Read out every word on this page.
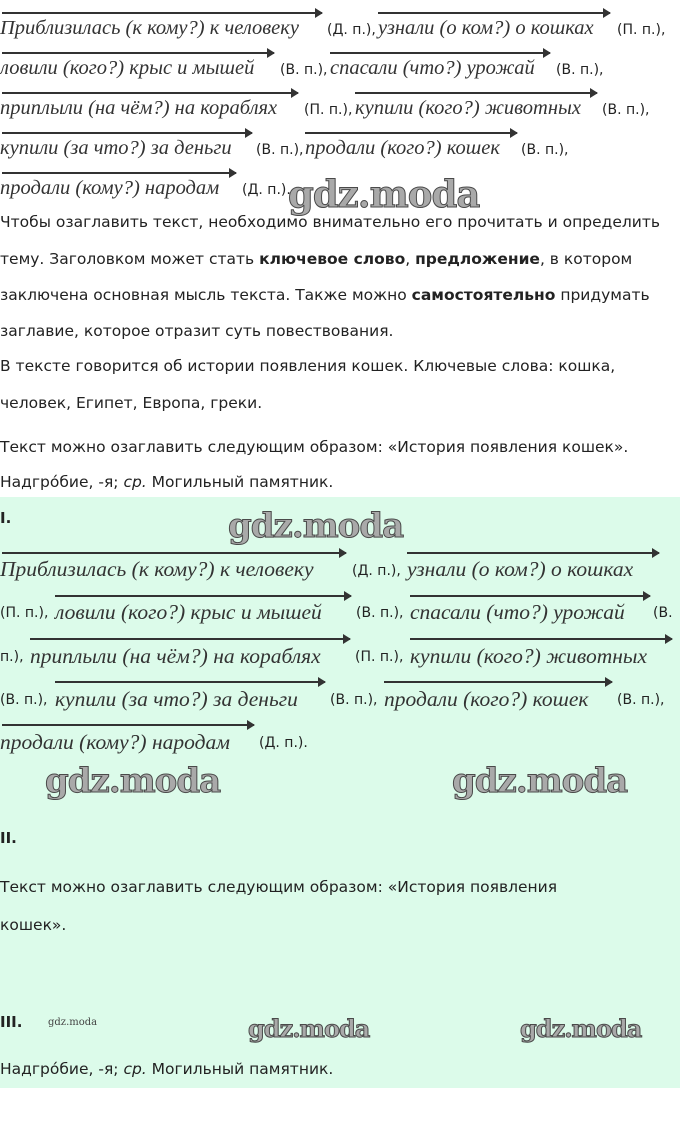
Приблизилась (к кому?) к человеку (Д. п.), узнали (о ком?) о кошках (П. п.),
ловили (кого?) крыс и мышей (В. п.), спасали (что?) урожай (В. п.),
приплыли (на чём?) на кораблях (П. п.), купили (кого?) животных (В. п.),
купили (за что?) за деньги (В. п.), продали (кого?) кошек (В. п.),
продали (кому?) народам (Д. п.).
gdz.moda
Чтобы озаглавить текст, необходимо внимательно его прочитать и определить
тему. Заголовком может стать ключевое слово, предложение, в котором
заключена основная мысль текста. Также можно самостоятельно придумать
заглавие, которое отразит суть повествования.
В тексте говорится об истории появления кошек. Ключевые слова: кошка,
человек, Египет, Европа, греки.
Текст можно озаглавить следующим образом: «История появления кошек».
Надгро́бие, -я; ср. Могильный памятник.
I.	gdz.moda
Приблизилась (к кому?) к человеку	(Д. п.), узнали (о ком?) о кошках
(П. п.), ловили (кого?) крыс и мышей (В. п.), спасали (что?) урожай (В.
п.), приплыли (на чём?) на кораблях (П. п.), купили (кого?) животных
(В. п.), купили (за что?) за деньги (В. п.), продали (кого?) кошек (В. п.),
продали (кому?) народам (Д. п.).
gdz.moda	gdz.moda
II.
Текст можно озаглавить следующим образом: «История появления
кошек».
III.	gdz.moda	gdz.moda	gdz.moda
Надгро́бие, -я; ср. Могильный памятник.
